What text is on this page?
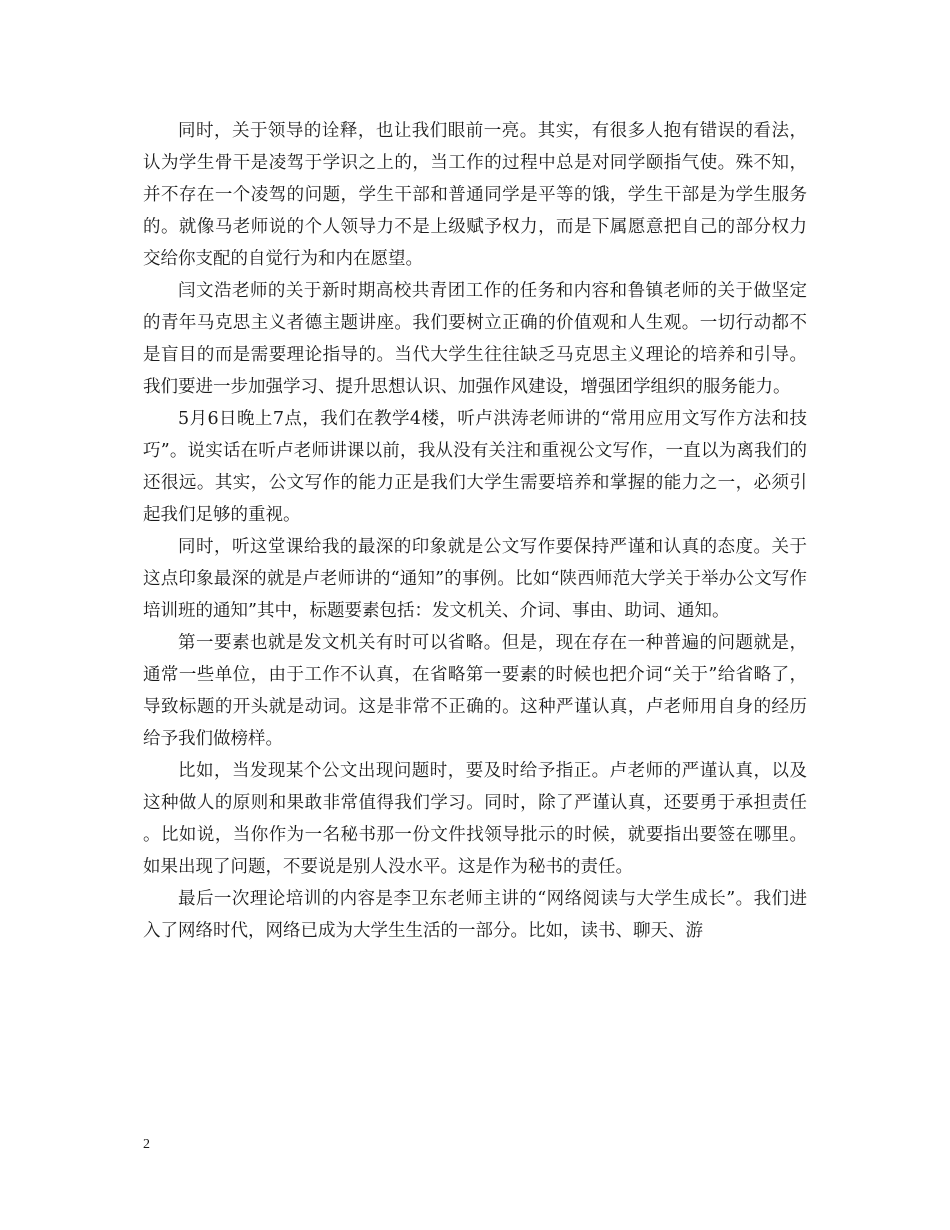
同时，关于领导的诠释，也让我们眼前一亮。其实，有很多人抱有错误的看法，认为学生骨干是凌驾于学识之上的，当工作的过程中总是对同学颐指气使。殊不知，并不存在一个凌驾的问题，学生干部和普通同学是平等的饿，学生干部是为学生服务的。就像马老师说的个人领导力不是上级赋予权力，而是下属愿意把自己的部分权力交给你支配的自觉行为和内在愿望。

闫文浩老师的关于新时期高校共青团工作的任务和内容和鲁镇老师的关于做坚定的青年马克思主义者德主题讲座。我们要树立正确的价值观和人生观。一切行动都不是盲目的而是需要理论指导的。当代大学生往往缺乏马克思主义理论的培养和引导。我们要进一步加强学习、提升思想认识、加强作风建设，增强团学组织的服务能力。

5月6日晚上7点，我们在教学4楼，听卢洪涛老师讲的“常用应用文写作方法和技巧”。说实话在听卢老师讲课以前，我从没有关注和重视公文写作，一直以为离我们的还很远。其实，公文写作的能力正是我们大学生需要培养和掌握的能力之一，必须引起我们足够的重视。

同时，听这堂课给我的最深的印象就是公文写作要保持严谨和认真的态度。关于这点印象最深的就是卢老师讲的“通知”的事例。比如“陕西师范大学关于举办公文写作培训班的通知”其中，标题要素包括：发文机关、介词、事由、助词、通知。

第一要素也就是发文机关有时可以省略。但是，现在存在一种普遍的问题就是，通常一些单位，由于工作不认真，在省略第一要素的时候也把介词“关于”给省略了，导致标题的开头就是动词。这是非常不正确的。这种严谨认真，卢老师用自身的经历给予我们做榜样。

比如，当发现某个公文出现问题时，要及时给予指正。卢老师的严谨认真，以及这种做人的原则和果敢非常值得我们学习。同时，除了严谨认真，还要勇于承担责任。比如说，当你作为一名秘书那一份文件找领导批示的时候，就要指出要签在哪里。如果出现了问题，不要说是别人没水平。这是作为秘书的责任。

最后一次理论培训的内容是李卫东老师主讲的“网络阅读与大学生成长”。我们进入了网络时代，网络已成为大学生生活的一部分。比如，读书、聊天、游

2
